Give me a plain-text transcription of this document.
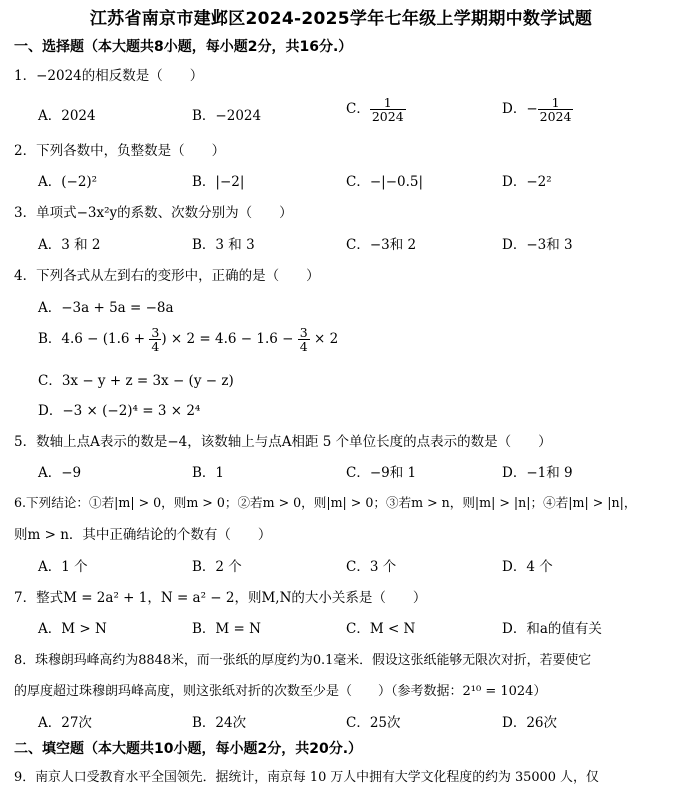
江苏省南京市建邺区2024-2025学年七年级上学期期中数学试题
一、选择题（本大题共8小题，每小题2分，共16分.）
1．−2024的相反数是（　　）
A．2024	B．−2024	C． $\frac{1}{2024}$	D．− $\frac{1}{2024}$
2．下列各数中，负整数是（　　）
A．(−2)²	B．|−2|	C．−|−0.5|	D．−2²
3．单项式−3x²y的系数、次数分别为（　　）
A．3 和 2	B．3 和 3	C．−3和 2	D．−3和 3
4．下列各式从左到右的变形中，正确的是（　　）
A．−3a + 5a = −8a
B．$4.6 - (1.6 + \frac{3}{4}$ ) × $2 = 4.6 - 1.6 - \frac{3}{4} \times 2$
C．3x − y + z = 3x − (y − z)
D．−3 × (−2)⁴ = 3 × 2⁴
5．数轴上点A表示的数是−4，该数轴上与点A相距 5 个单位长度的点表示的数是（　　）
A．−9	B．1	C．−9和 1	D．−1和 9
6.下列结论：①若|m| > 0，则m > 0；②若m > 0，则|m| > 0；③若m > n，则|m| > |n|；④若|m| > |n|，
则m > n．其中正确结论的个数有（　　）
A．1 个	B．2 个	C．3 个	D．4 个
7．整式M = 2a² + 1，N = a² − 2，则M,N的大小关系是（　　）
A．M > N	B．M = N	C．M < N	D．和a的值有关
8．珠穆朗玛峰高约为8848米，而一张纸的厚度约为0.1毫米．假设这张纸能够无限次对折，若要使它
的厚度超过珠穆朗玛峰高度，则这张纸对折的次数至少是（　　）（参考数据：2¹⁰ = 1024）
A．27次	B．24次	C．25次	D．26次
二、填空题（本大题共10小题，每小题2分，共20分.）
9．南京人口受教育水平全国领先．据统计，南京每 10 万人中拥有大学文化程度的约为 35000 人，仅
